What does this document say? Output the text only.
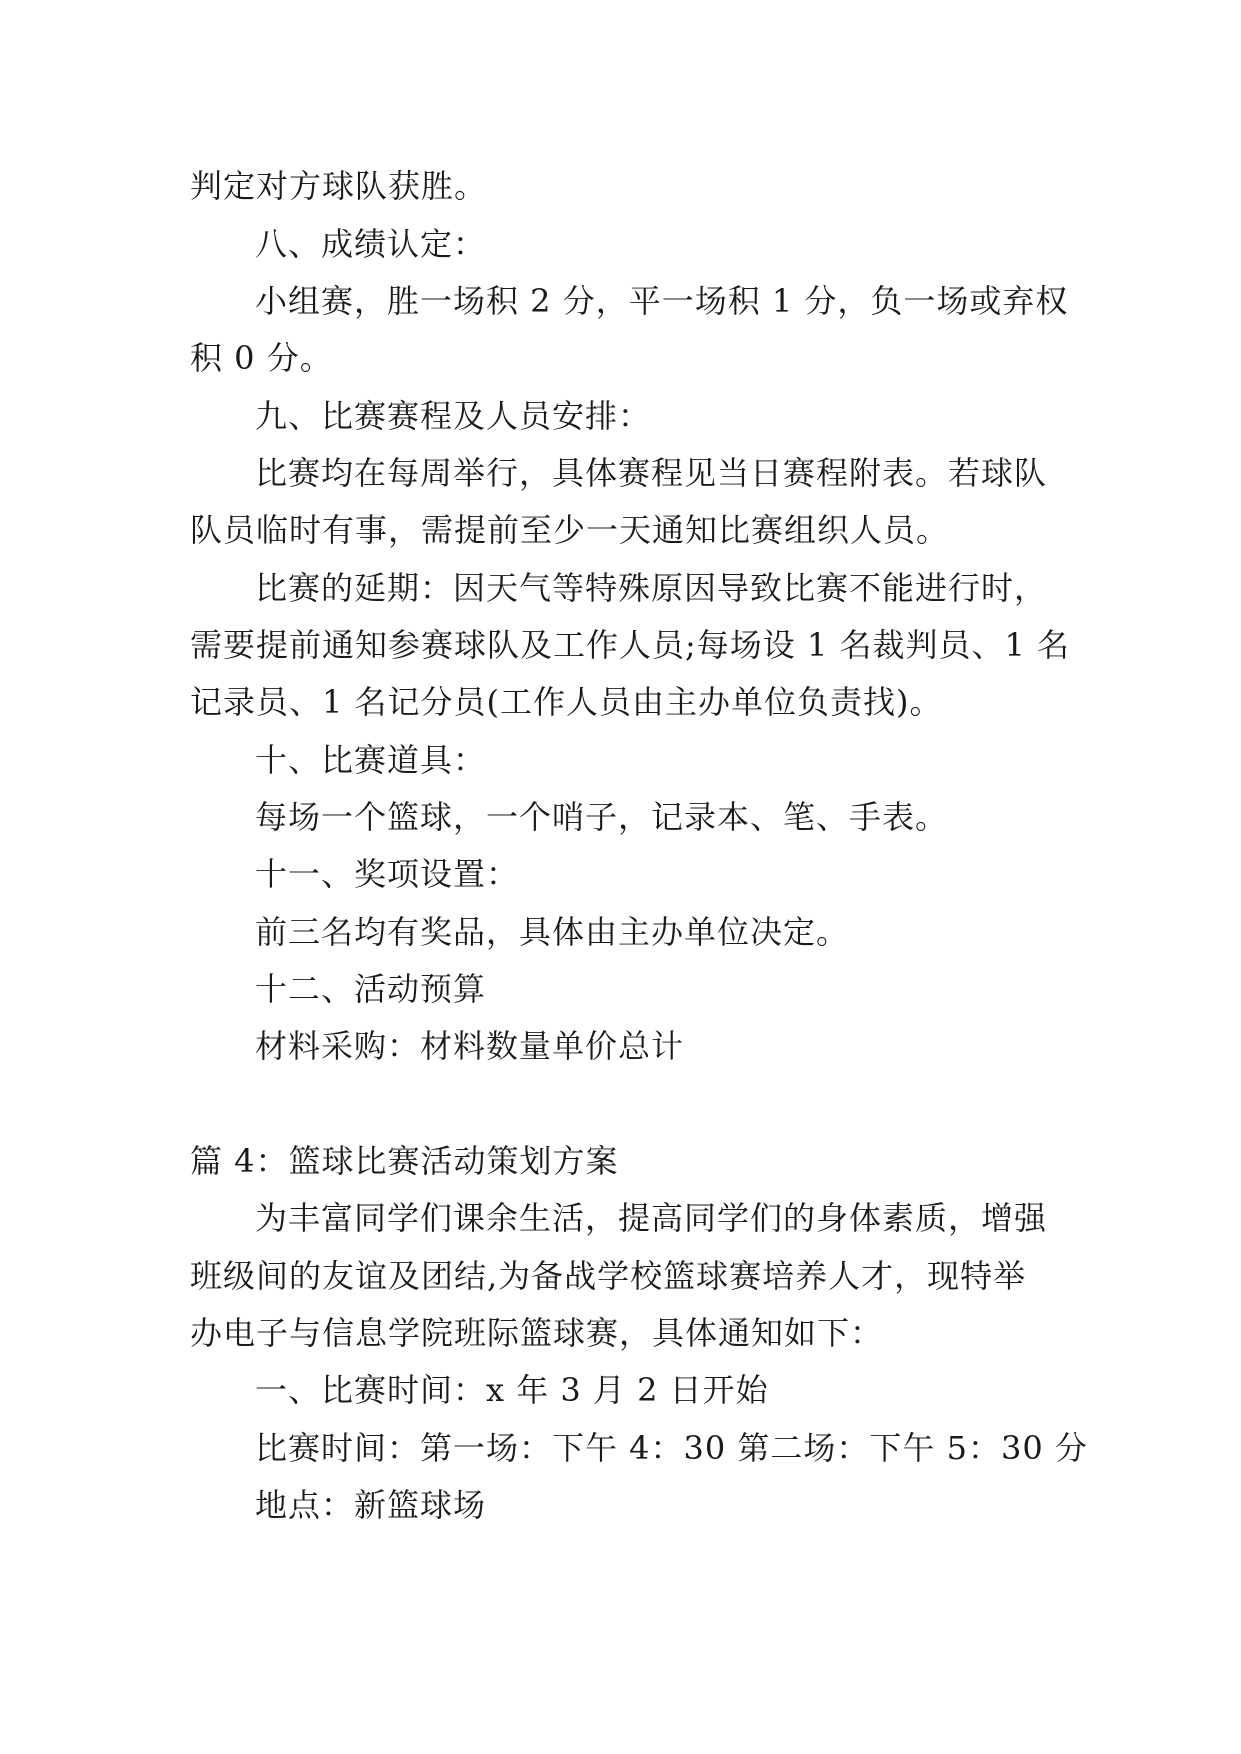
判定对方球队获胜。
八、成绩认定：
小组赛，胜一场积 2 分，平一场积 1 分，负一场或弃权
积 0 分。
九、比赛赛程及人员安排：
比赛均在每周举行，具体赛程见当日赛程附表。若球队
队员临时有事，需提前至少一天通知比赛组织人员。
比赛的延期：因天气等特殊原因导致比赛不能进行时，
需要提前通知参赛球队及工作人员;每场设 1 名裁判员、1 名
记录员、1 名记分员(工作人员由主办单位负责找)。
十、比赛道具：
每场一个篮球，一个哨子，记录本、笔、手表。
十一、奖项设置：
前三名均有奖品，具体由主办单位决定。
十二、活动预算
材料采购：材料数量单价总计
篇 4：篮球比赛活动策划方案
为丰富同学们课余生活，提高同学们的身体素质，增强
班级间的友谊及团结,为备战学校篮球赛培养人才，现特举
办电子与信息学院班际篮球赛，具体通知如下：
一、比赛时间：x 年 3 月 2 日开始
比赛时间：第一场：下午 4：30 第二场：下午 5：30 分
地点：新篮球场
